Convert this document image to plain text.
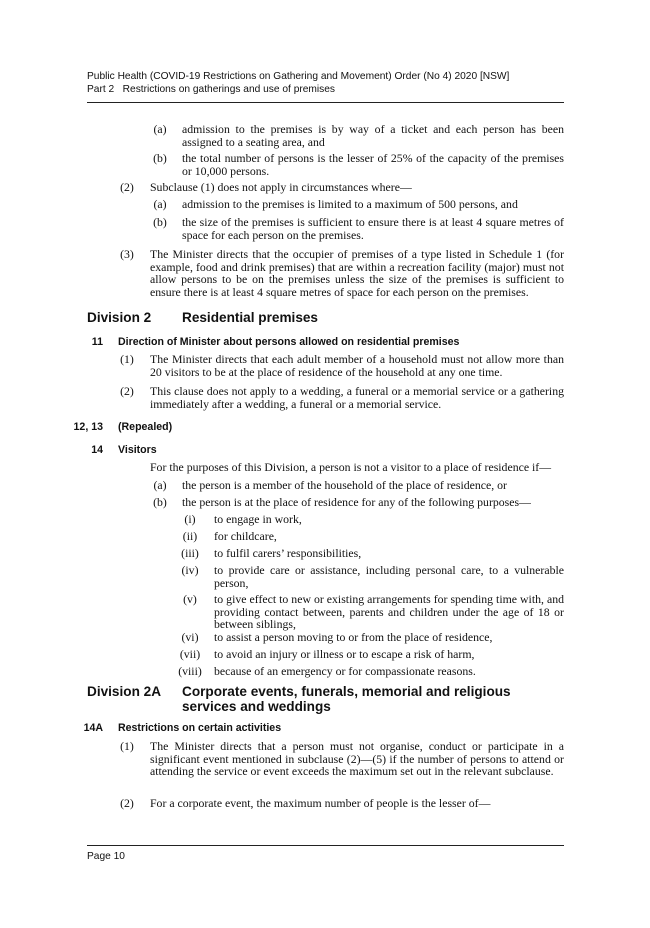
Public Health (COVID-19 Restrictions on Gathering and Movement) Order (No 4) 2020 [NSW]
Part 2   Restrictions on gatherings and use of premises
(a)	admission to the premises is by way of a ticket and each person has been assigned to a seating area, and
(b)	the total number of persons is the lesser of 25% of the capacity of the premises or 10,000 persons.
(2)	Subclause (1) does not apply in circumstances where—
(a)	admission to the premises is limited to a maximum of 500 persons, and
(b)	the size of the premises is sufficient to ensure there is at least 4 square metres of space for each person on the premises.
(3)	The Minister directs that the occupier of premises of a type listed in Schedule 1 (for example, food and drink premises) that are within a recreation facility (major) must not allow persons to be on the premises unless the size of the premises is sufficient to ensure there is at least 4 square metres of space for each person on the premises.
Division 2 Residential premises
11 Direction of Minister about persons allowed on residential premises
(1)	The Minister directs that each adult member of a household must not allow more than 20 visitors to be at the place of residence of the household at any one time.
(2)	This clause does not apply to a wedding, a funeral or a memorial service or a gathering immediately after a wedding, a funeral or a memorial service.
12, 13 (Repealed)
14 Visitors
For the purposes of this Division, a person is not a visitor to a place of residence if—
(a)	the person is a member of the household of the place of residence, or
(b)	the person is at the place of residence for any of the following purposes—
(i)	to engage in work,
(ii)	for childcare,
(iii)	to fulfil carers’ responsibilities,
(iv)	to provide care or assistance, including personal care, to a vulnerable person,
(v)	to give effect to new or existing arrangements for spending time with, and providing contact between, parents and children under the age of 18 or between siblings,
(vi)	to assist a person moving to or from the place of residence,
(vii)	to avoid an injury or illness or to escape a risk of harm,
(viii)	because of an emergency or for compassionate reasons.
Division 2A Corporate events, funerals, memorial and religious services and weddings
14A Restrictions on certain activities
(1)	The Minister directs that a person must not organise, conduct or participate in a significant event mentioned in subclause (2)—(5) if the number of persons to attend or attending the service or event exceeds the maximum set out in the relevant subclause.
(2)	For a corporate event, the maximum number of people is the lesser of—
Page 10
